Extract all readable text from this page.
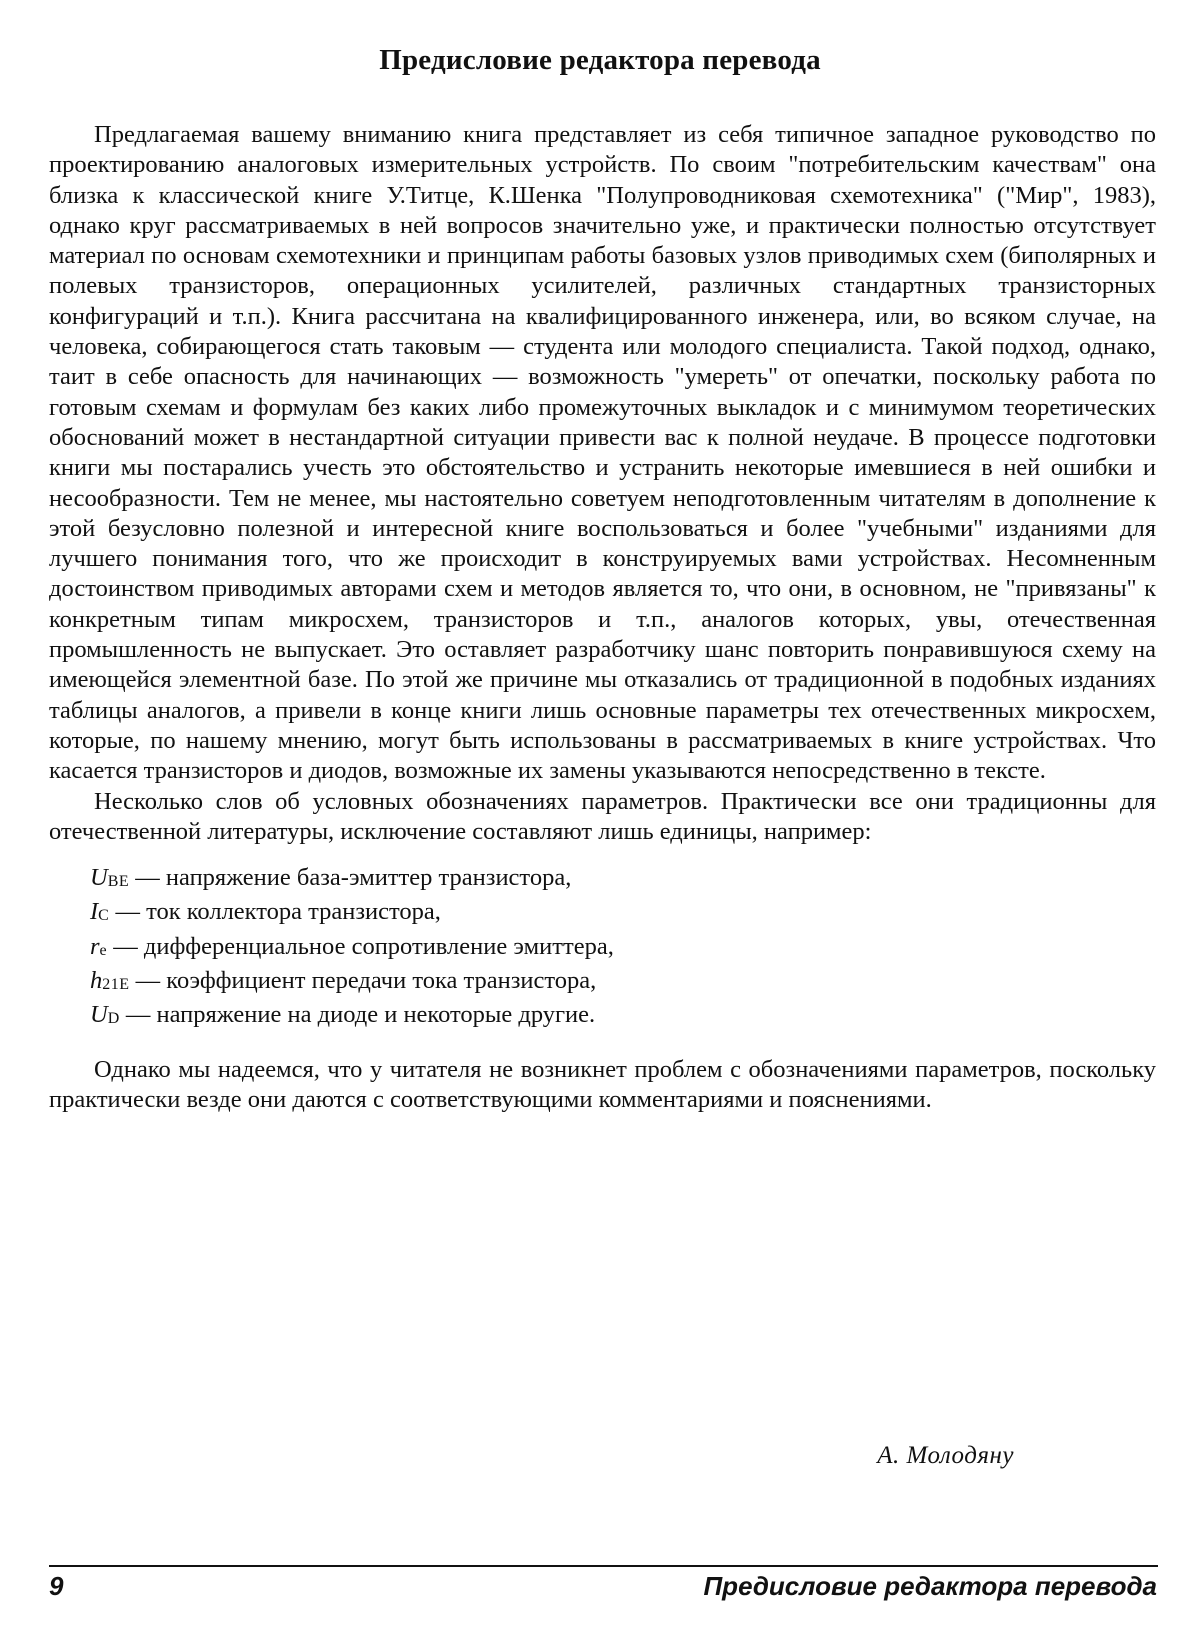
Предисловие редактора перевода

Предлагаемая вашему вниманию книга представляет из себя типичное западное руководство по проектированию аналоговых измерительных устройств. По своим "потребительским качествам" она близка к классической книге У.Титце, К.Шенка "Полупроводниковая схемотехника" ("Мир", 1983), однако круг рассматриваемых в ней вопросов значительно уже, и практически полностью отсутствует материал по основам схемотехники и принципам работы базовых узлов приводимых схем (биполярных и полевых транзисторов, операционных усилителей, различных стандартных транзисторных конфигураций и т.п.). Книга рассчитана на квалифицированного инженера, или, во всяком случае, на человека, собирающегося стать таковым — студента или молодого специалиста. Такой подход, однако, таит в себе опасность для начинающих — возможность "умереть" от опечатки, поскольку работа по готовым схемам и формулам без каких либо промежуточных выкладок и с минимумом теоретических обоснований может в нестандартной ситуации привести вас к полной неудаче. В процессе подготовки книги мы постарались учесть это обстоятельство и устранить некоторые имевшиеся в ней ошибки и несообразности. Тем не менее, мы настоятельно советуем неподготовленным читателям в дополнение к этой безусловно полезной и интересной книге воспользоваться и более "учебными" изданиями для лучшего понимания того, что же происходит в конструируемых вами устройствах. Несомненным достоинством приводимых авторами схем и методов является то, что они, в основном, не "привязаны" к конкретным типам микросхем, транзисторов и т.п., аналогов которых, увы, отечественная промышленность не выпускает. Это оставляет разработчику шанс повторить понравившуюся схему на имеющейся элементной базе. По этой же причине мы отказались от традиционной в подобных изданиях таблицы аналогов, а привели в конце книги лишь основные параметры тех отечественных микросхем, которые, по нашему мнению, могут быть использованы в рассматриваемых в книге устройствах. Что касается транзисторов и диодов, возможные их замены указываются непосредственно в тексте.

Несколько слов об условных обозначениях параметров. Практически все они традиционны для отечественной литературы, исключение составляют лишь единицы, например:

UBE — напряжение база-эмиттер транзистора,
IC — ток коллектора транзистора,
re — дифференциальное сопротивление эмиттера,
h21E — коэффициент передачи тока транзистора,
UD — напряжение на диоде и некоторые другие.

Однако мы надеемся, что у читателя не возникнет проблем с обозначениями параметров, поскольку практически везде они даются с соответствующими комментариями и пояснениями.

А. Молодяну
9	Предисловие редактора перевода
